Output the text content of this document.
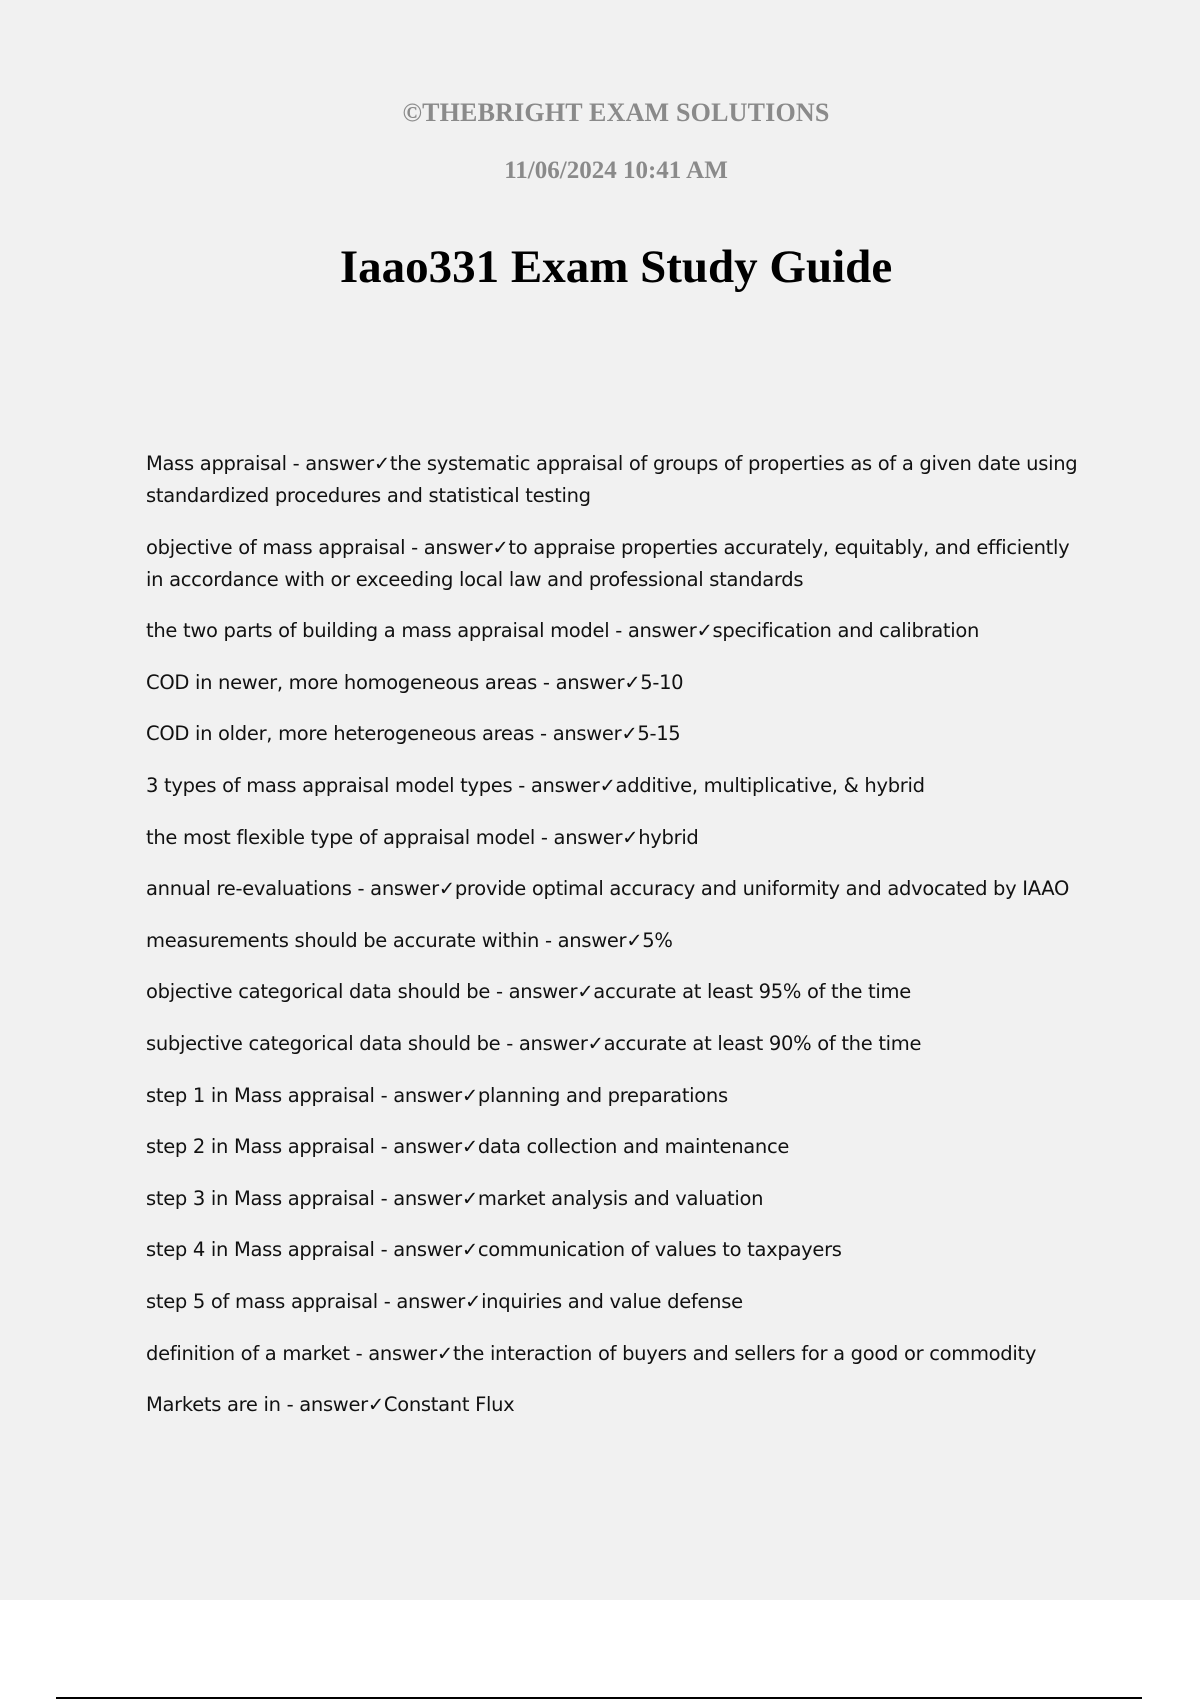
©THEBRIGHT EXAM SOLUTIONS
11/06/2024 10:41 AM
Iaao331 Exam Study Guide
Mass appraisal - answer✓the systematic appraisal of groups of properties as of a given date using standardized procedures and statistical testing
objective of mass appraisal - answer✓to appraise properties accurately, equitably, and efficiently in accordance with or exceeding local law and professional standards
the two parts of building a mass appraisal model - answer✓specification and calibration
COD in newer, more homogeneous areas - answer✓5-10
COD in older, more heterogeneous areas - answer✓5-15
3 types of mass appraisal model types - answer✓additive, multiplicative, & hybrid
the most flexible type of appraisal model - answer✓hybrid
annual re-evaluations - answer✓provide optimal accuracy and uniformity and advocated by IAAO
measurements should be accurate within - answer✓5%
objective categorical data should be - answer✓accurate at least 95% of the time
subjective categorical data should be - answer✓accurate at least 90% of the time
step 1 in Mass appraisal - answer✓planning and preparations
step 2 in Mass appraisal - answer✓data collection and maintenance
step 3 in Mass appraisal - answer✓market analysis and valuation
step 4 in Mass appraisal - answer✓communication of values to taxpayers
step 5 of mass appraisal - answer✓inquiries and value defense
definition of a market - answer✓the interaction of buyers and sellers for a good or commodity
Markets are in - answer✓Constant Flux
